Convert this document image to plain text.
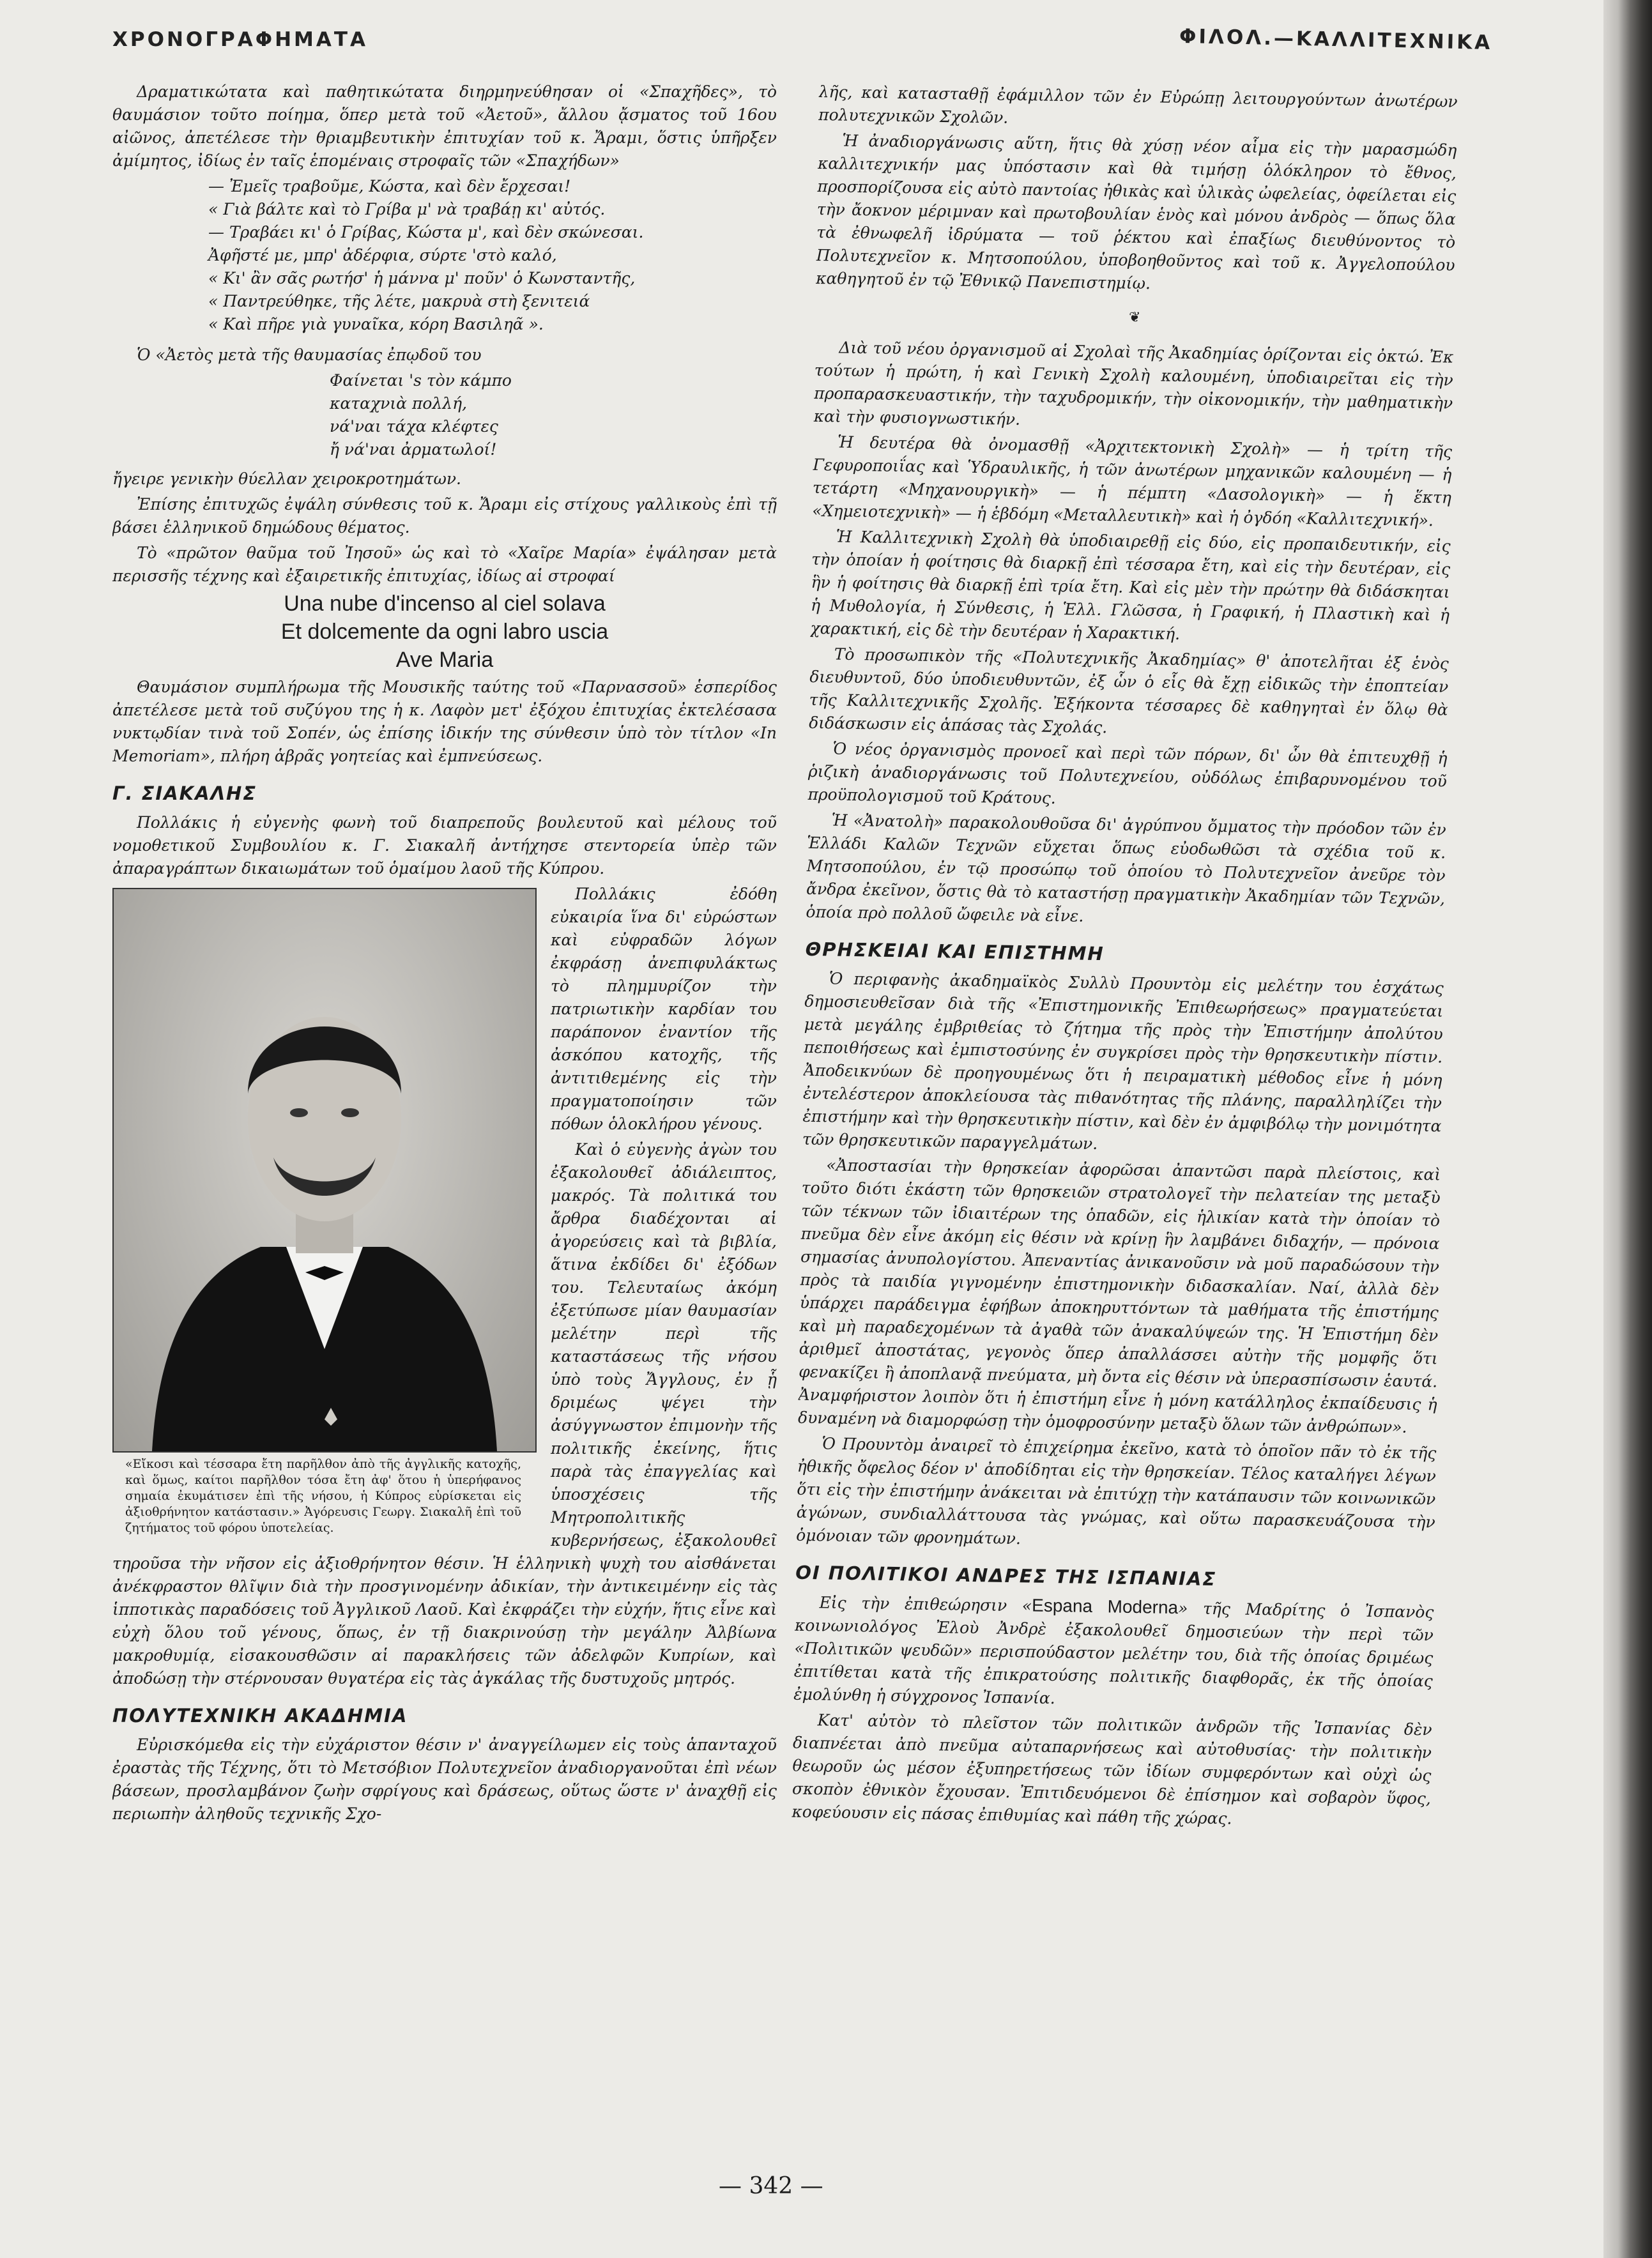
ΧΡΟΝΟΓΡΑΦΗΜΑΤΑ	ΦΙΛΟΛ.—ΚΑΛΛΙΤΕΧΝΙΚΑ

Δραματικώτατα καὶ παθητικώτατα διηρμηνεύθησαν οἱ «Σπαχῆδες», τὸ θαυμάσιον τοῦτο ποίημα, ὅπερ μετὰ τοῦ «Ἀετοῦ», ἄλλου ᾄσματος τοῦ 16ου αἰῶνος, ἀπετέλεσε τὴν θριαμβευτικὴν ἐπιτυχίαν τοῦ κ. Ἄραμι, ὅστις ὑπῆρξεν ἀμίμητος, ἰδίως ἐν ταῖς ἑπομέναις στροφαῖς τῶν «Σπαχήδων»

— Ἐμεῖς τραβοῦμε, Κώστα, καὶ δὲν ἔρχεσαι!

« Γιὰ βάλτε καὶ τὸ Γρίβα μ' νὰ τραβάῃ κι' αὐτός.

— Τραβάει κι' ὁ Γρίβας, Κώστα μ', καὶ δὲν σκώνεσαι.

Ἀφῆστέ με, μπρ' ἀδέρφια, σύρτε 'στὸ καλό,

« Κι' ἂν σᾶς ρωτήσ' ἡ μάννα μ' ποῦν' ὁ Κωνσταντῆς,

« Παντρεύθηκε, τῆς λέτε, μακρυὰ στὴ ξενιτειά

« Καὶ πῆρε γιὰ γυναῖκα, κόρη Βασιληᾶ ».

Ὁ «Ἀετὸς μετὰ τῆς θαυμασίας ἐπῳδοῦ του

Φαίνεται 's τὸν κάμπο

καταχνιὰ πολλή,

νά'ναι τάχα κλέφτες

ἤ νά'ναι ἀρματωλοί!

ἤγειρε γενικὴν θύελλαν χειροκροτημάτων.

Ἐπίσης ἐπιτυχῶς ἐψάλη σύνθεσις τοῦ κ. Ἄραμι εἰς στίχους γαλλικοὺς ἐπὶ τῇ βάσει ἑλληνικοῦ δημώδους θέματος.

Τὸ «πρῶτον θαῦμα τοῦ Ἰησοῦ» ὡς καὶ τὸ «Χαῖρε Μαρία» ἐψάλησαν μετὰ περισσῆς τέχνης καὶ ἐξαιρετικῆς ἐπιτυχίας, ἰδίως αἱ στροφαί

Una nube d'incenso al ciel solava

Et dolcemente da ogni labro uscia

Ave Maria

Θαυμάσιον συμπλήρωμα τῆς Μουσικῆς ταύτης τοῦ «Παρνασσοῦ» ἑσπερίδος ἀπετέλεσε μετὰ τοῦ συζύγου της ἡ κ. Λαφὸν μετ' ἐξόχου ἐπιτυχίας ἐκτελέσασα νυκτῳδίαν τινὰ τοῦ Σοπέν, ὡς ἐπίσης ἰδικήν της σύνθεσιν ὑπὸ τὸν τίτλον «In Memoriam», πλήρη ἁβρᾶς γοητείας καὶ ἐμπνεύσεως.

Γ. ΣΙΑΚΑΛΗΣ

Πολλάκις ἡ εὐγενὴς φωνὴ τοῦ διαπρεποῦς βουλευτοῦ καὶ μέλους τοῦ νομοθετικοῦ Συμβουλίου κ. Γ. Σιακαλῆ ἀντήχησε στεντορεία ὑπὲρ τῶν ἀπαραγράπτων δικαιωμάτων τοῦ ὁμαίμου λαοῦ τῆς Κύπρου.

«Εἴκοσι καὶ τέσσαρα ἔτη παρῆλθον ἀπὸ τῆς ἀγγλικῆς κατοχῆς, καὶ ὅμως, καίτοι παρῆλθον τόσα ἔτη ἀφ' ὅτου ἡ ὑπερήφανος σημαία ἐκυμάτισεν ἐπὶ τῆς νήσου, ἡ Κύπρος εὑρίσκεται εἰς ἀξιοθρήνητον κατάστασιν.» Ἀγόρευσις Γεωργ. Σιακαλῆ ἐπὶ τοῦ ζητήματος τοῦ φόρου ὑποτελείας.

Πολλάκις ἐδόθη εὐκαιρία ἵνα δι' εὐρώστων καὶ εὐφραδῶν λόγων ἐκφράσῃ ἀνεπιφυλάκτως τὸ πλημμυρίζον τὴν πατριωτικὴν καρδίαν του παράπονον ἐναντίον τῆς ἀσκόπου κατοχῆς, τῆς ἀντιτιθεμένης εἰς τὴν πραγματοποίησιν τῶν πόθων ὁλοκλήρου γένους.

Καὶ ὁ εὐγενὴς ἀγὼν του ἐξακολουθεῖ ἀδιάλειπτος, μακρός. Τὰ πολιτικά του ἄρθρα διαδέχονται αἱ ἀγορεύσεις καὶ τὰ βιβλία, ἅτινα ἐκδίδει δι' ἐξόδων του. Τελευταίως ἀκόμη ἐξετύπωσε μίαν θαυμασίαν μελέτην περὶ τῆς καταστάσεως τῆς νήσου ὑπὸ τοὺς Ἄγγλους, ἐν ᾗ δριμέως ψέγει τὴν ἀσύγγνωστον ἐπιμονὴν τῆς πολιτικῆς ἐκείνης, ἥτις παρὰ τὰς ἐπαγγελίας καὶ ὑποσχέσεις τῆς Μητροπολιτικῆς κυβερνήσεως, ἐξακολουθεῖ τηροῦσα τὴν νῆσον εἰς ἀξιοθρήνητον θέσιν. Ἡ ἑλληνικὴ ψυχὴ του αἰσθάνεται ἀνέκφραστον θλῖψιν διὰ τὴν προσγινομένην ἀδικίαν, τὴν ἀντικειμένην εἰς τὰς ἱπποτικὰς παραδόσεις τοῦ Ἀγγλικοῦ Λαοῦ. Καὶ ἐκφράζει τὴν εὐχήν, ἥτις εἶνε καὶ εὐχὴ ὅλου τοῦ γένους, ὅπως, ἐν τῇ διακρινούσῃ τὴν μεγάλην Ἀλβίωνα μακροθυμίᾳ, εἰσακουσθῶσιν αἱ παρακλήσεις τῶν ἀδελφῶν Κυπρίων, καὶ ἀποδώσῃ τὴν στέρνουσαν θυγατέρα εἰς τὰς ἀγκάλας τῆς δυστυχοῦς μητρός.

ΠΟΛΥΤΕΧΝΙΚΗ ΑΚΑΔΗΜΙΑ

Εὐρισκόμεθα εἰς τὴν εὐχάριστον θέσιν ν' ἀναγγείλωμεν εἰς τοὺς ἁπανταχοῦ ἐραστὰς τῆς Τέχνης, ὅτι τὸ Μετσόβιον Πολυτεχνεῖον ἀναδιοργανοῦται ἐπὶ νέων βάσεων, προσλαμβάνον ζωὴν σφρίγους καὶ δράσεως, οὕτως ὥστε ν' ἀναχθῇ εἰς περιωπὴν ἀληθοῦς τεχνικῆς Σχο-

λῆς, καὶ κατασταθῇ ἐφάμιλλον τῶν ἐν Εὐρώπῃ λειτουργούντων ἀνωτέρων πολυτεχνικῶν Σχολῶν.

Ἡ ἀναδιοργάνωσις αὕτη, ἥτις θὰ χύσῃ νέον αἷμα εἰς τὴν μαρασμώδη καλλιτεχνικήν μας ὑπόστασιν καὶ θὰ τιμήσῃ ὁλόκληρον τὸ ἔθνος, προσπορίζουσα εἰς αὐτὸ παντοίας ἠθικὰς καὶ ὑλικὰς ὠφελείας, ὀφείλεται εἰς τὴν ἄοκνον μέριμναν καὶ πρωτοβουλίαν ἑνὸς καὶ μόνου ἀνδρὸς — ὅπως ὅλα τὰ ἐθνωφελῆ ἰδρύματα — τοῦ ῥέκτου καὶ ἐπαξίως διευθύνοντος τὸ Πολυτεχνεῖον κ. Μητσοπούλου, ὑποβοηθοῦντος καὶ τοῦ κ. Ἀγγελοπούλου καθηγητοῦ ἐν τῷ Ἐθνικῷ Πανεπιστημίῳ.

❦

Διὰ τοῦ νέου ὀργανισμοῦ αἱ Σχολαὶ τῆς Ἀκαδημίας ὁρίζονται εἰς ὀκτώ. Ἐκ τούτων ἡ πρώτη, ἡ καὶ Γενικὴ Σχολὴ καλουμένη, ὑποδιαιρεῖται εἰς τὴν προπαρασκευαστικήν, τὴν ταχυδρομικήν, τὴν οἰκονομικήν, τὴν μαθηματικὴν καὶ τὴν φυσιογνωστικήν.

Ἡ δευτέρα θὰ ὀνομασθῇ «Ἀρχιτεκτονικὴ Σχολὴ» — ἡ τρίτη τῆς Γεφυροποιΐας καὶ Ὑδραυλικῆς, ἡ τῶν ἀνωτέρων μηχανικῶν καλουμένη — ἡ τετάρτη «Μηχανουργικὴ» — ἡ πέμπτη «Δασολογικὴ» — ἡ ἕκτη «Χημειοτεχνικὴ» — ἡ ἑβδόμη «Μεταλλευτικὴ» καὶ ἡ ὀγδόη «Καλλιτεχνική».

Ἡ Καλλιτεχνικὴ Σχολὴ θὰ ὑποδιαιρεθῇ εἰς δύο, εἰς προπαιδευτικήν, εἰς τὴν ὁποίαν ἡ φοίτησις θὰ διαρκῇ ἐπὶ τέσσαρα ἔτη, καὶ εἰς τὴν δευτέραν, εἰς ἣν ἡ φοίτησις θὰ διαρκῇ ἐπὶ τρία ἔτη. Καὶ εἰς μὲν τὴν πρώτην θὰ διδάσκηται ἡ Μυθολογία, ἡ Σύνθεσις, ἡ Ἑλλ. Γλῶσσα, ἡ Γραφική, ἡ Πλαστικὴ καὶ ἡ χαρακτική, εἰς δὲ τὴν δευτέραν ἡ Χαρακτική.

Τὸ προσωπικὸν τῆς «Πολυτεχνικῆς Ἀκαδημίας» θ' ἀποτελῆται ἐξ ἑνὸς διευθυντοῦ, δύο ὑποδιευθυντῶν, ἐξ ὧν ὁ εἷς θὰ ἔχῃ εἰδικῶς τὴν ἐποπτείαν τῆς Καλλιτεχνικῆς Σχολῆς. Ἐξήκοντα τέσσαρες δὲ καθηγηταὶ ἐν ὅλῳ θὰ διδάσκωσιν εἰς ἁπάσας τὰς Σχολάς.

Ὁ νέος ὀργανισμὸς προνοεῖ καὶ περὶ τῶν πόρων, δι' ὧν θὰ ἐπιτευχθῇ ἡ ῥιζικὴ ἀναδιοργάνωσις τοῦ Πολυτεχνείου, οὐδόλως ἐπιβαρυνομένου τοῦ προϋπολογισμοῦ τοῦ Κράτους.

Ἡ «Ἀνατολὴ» παρακολουθοῦσα δι' ἀγρύπνου ὄμματος τὴν πρόοδον τῶν ἐν Ἑλλάδι Καλῶν Τεχνῶν εὔχεται ὅπως εὐοδωθῶσι τὰ σχέδια τοῦ κ. Μητσοπούλου, ἐν τῷ προσώπῳ τοῦ ὁποίου τὸ Πολυτεχνεῖον ἀνεῦρε τὸν ἄνδρα ἐκεῖνον, ὅστις θὰ τὸ καταστήσῃ πραγματικὴν Ἀκαδημίαν τῶν Τεχνῶν, ὁποία πρὸ πολλοῦ ὤφειλε νὰ εἶνε.

ΘΡΗΣΚΕΙΑΙ ΚΑΙ ΕΠΙΣΤΗΜΗ

Ὁ περιφανὴς ἀκαδημαϊκὸς Συλλὺ Προυντὸμ εἰς μελέτην του ἐσχάτως δημοσιευθεῖσαν διὰ τῆς «Ἐπιστημονικῆς Ἐπιθεωρήσεως» πραγματεύεται μετὰ μεγάλης ἐμβριθείας τὸ ζήτημα τῆς πρὸς τὴν Ἐπιστήμην ἀπολύτου πεποιθήσεως καὶ ἐμπιστοσύνης ἐν συγκρίσει πρὸς τὴν θρησκευτικὴν πίστιν. Ἀποδεικνύων δὲ προηγουμένως ὅτι ἡ πειραματικὴ μέθοδος εἶνε ἡ μόνη ἐντελέστερον ἀποκλείουσα τὰς πιθανότητας τῆς πλάνης, παραλληλίζει τὴν ἐπιστήμην καὶ τὴν θρησκευτικὴν πίστιν, καὶ δὲν ἐν ἀμφιβόλῳ τὴν μονιμότητα τῶν θρησκευτικῶν παραγγελμάτων.

«Ἀποστασίαι τὴν θρησκείαν ἀφορῶσαι ἀπαντῶσι παρὰ πλείστοις, καὶ τοῦτο διότι ἑκάστη τῶν θρησκειῶν στρατολογεῖ τὴν πελατείαν της μεταξὺ τῶν τέκνων τῶν ἰδιαιτέρων της ὁπαδῶν, εἰς ἡλικίαν κατὰ τὴν ὁποίαν τὸ πνεῦμα δὲν εἶνε ἀκόμη εἰς θέσιν νὰ κρίνῃ ἣν λαμβάνει διδαχήν, — πρόνοια σημασίας ἀνυπολογίστου. Ἀπεναντίας ἀνικανοῦσιν νὰ μοῦ παραδώσουν τὴν πρὸς τὰ παιδία γιγνομένην ἐπιστημονικὴν διδασκαλίαν. Ναί, ἀλλὰ δὲν ὑπάρχει παράδειγμα ἐφήβων ἀποκηρυττόντων τὰ μαθήματα τῆς ἐπιστήμης καὶ μὴ παραδεχομένων τὰ ἀγαθὰ τῶν ἀνακαλύψεών της. Ἡ Ἐπιστήμη δὲν ἀριθμεῖ ἀποστάτας, γεγονὸς ὅπερ ἀπαλλάσσει αὐτὴν τῆς μομφῆς ὅτι φενακίζει ἢ ἀποπλανᾷ πνεύματα, μὴ ὄντα εἰς θέσιν νὰ ὑπερασπίσωσιν ἑαυτά. Ἀναμφήριστον λοιπὸν ὅτι ἡ ἐπιστήμη εἶνε ἡ μόνη κατάλληλος ἐκπαίδευσις ἡ δυναμένη νὰ διαμορφώσῃ τὴν ὁμοφροσύνην μεταξὺ ὅλων τῶν ἀνθρώπων».

Ὁ Προυντὸμ ἀναιρεῖ τὸ ἐπιχείρημα ἐκεῖνο, κατὰ τὸ ὁποῖον πᾶν τὸ ἐκ τῆς ἠθικῆς ὄφελος δέον ν' ἀποδίδηται εἰς τὴν θρησκείαν. Τέλος καταλήγει λέγων ὅτι εἰς τὴν ἐπιστήμην ἀνάκειται νὰ ἐπιτύχῃ τὴν κατάπαυσιν τῶν κοινωνικῶν ἀγώνων, συνδιαλλάττουσα τὰς γνώμας, καὶ οὕτω παρασκευάζουσα τὴν ὁμόνοιαν τῶν φρονημάτων.

ΟΙ ΠΟΛΙΤΙΚΟΙ ΑΝΔΡΕΣ ΤΗΣ ΙΣΠΑΝΙΑΣ

Εἰς τὴν ἐπιθεώρησιν «Espana Moderna» τῆς Μαδρίτης ὁ Ἰσπανὸς κοινωνιολόγος Ἐλοὺ Ἀνδρὲ ἐξακολουθεῖ δημοσιεύων τὴν περὶ τῶν «Πολιτικῶν ψευδῶν» περισπούδαστον μελέτην του, διὰ τῆς ὁποίας δριμέως ἐπιτίθεται κατὰ τῆς ἐπικρατούσης πολιτικῆς διαφθορᾶς, ἐκ τῆς ὁποίας ἐμολύνθη ἡ σύγχρονος Ἰσπανία.

Κατ' αὐτὸν τὸ πλεῖστον τῶν πολιτικῶν ἀνδρῶν τῆς Ἰσπανίας δὲν διαπνέεται ἀπὸ πνεῦμα αὐταπαρνήσεως καὶ αὐτοθυσίας· τὴν πολιτικὴν θεωροῦν ὡς μέσον ἐξυπηρετήσεως τῶν ἰδίων συμφερόντων καὶ οὐχὶ ὡς σκοπὸν ἐθνικὸν ἔχουσαν. Ἐπιτιδευόμενοι δὲ ἐπίσημον καὶ σοβαρὸν ὕφος, κοφεύουσιν εἰς πάσας ἐπιθυμίας καὶ πάθη τῆς χώρας.

— 342 —
